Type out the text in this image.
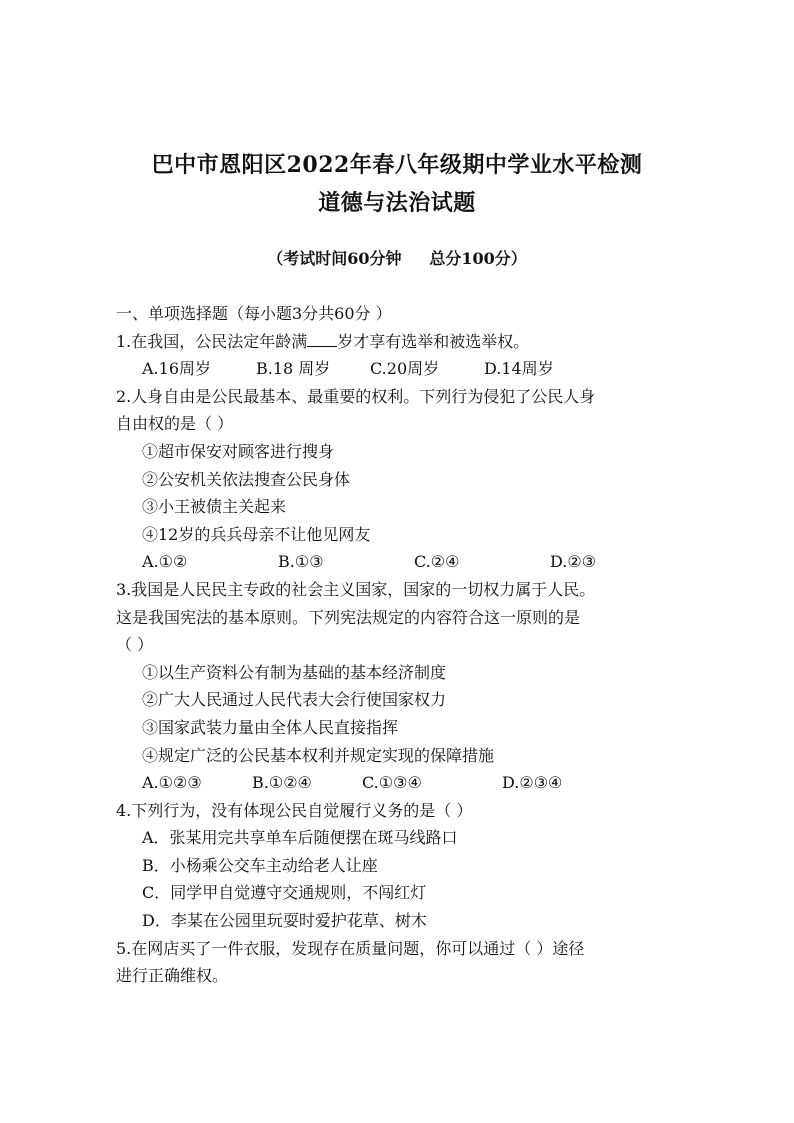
巴中市恩阳区2022年春八年级期中学业水平检测
道德与法治试题
（考试时间60分钟     总分100分）
一、单项选择题（每小题3分共60分 ）
1.在我国，公民法定年龄满 岁才享有选举和被选举权。
A.16周岁	B.18 周岁	C.20周岁	D.14周岁
2.人身自由是公民最基本、最重要的权利。下列行为侵犯了公民人身
自由权的是（ ）
①超市保安对顾客进行搜身
②公安机关依法搜查公民身体
③小王被债主关起来
④12岁的兵兵母亲不让他见网友
A.①②	B.①③	C.②④	D.②③
3.我国是人民民主专政的社会主义国家，国家的一切权力属于人民。
这是我国宪法的基本原则。下列宪法规定的内容符合这一原则的是
（ ）
①以生产资料公有制为基础的基本经济制度
②广大人民通过人民代表大会行使国家权力
③国家武装力量由全体人民直接指挥
④规定广泛的公民基本权利并规定实现的保障措施
A.①②③	B.①②④	C.①③④	D.②③④
4.下列行为，没有体现公民自觉履行义务的是（ ）
A．张某用完共享单车后随便摆在斑马线路口
B．小杨乘公交车主动给老人让座
C．同学甲自觉遵守交通规则，不闯红灯
D．李某在公园里玩耍时爱护花草、树木
5.在网店买了一件衣服，发现存在质量问题，你可以通过（ ）途径
进行正确维权。
